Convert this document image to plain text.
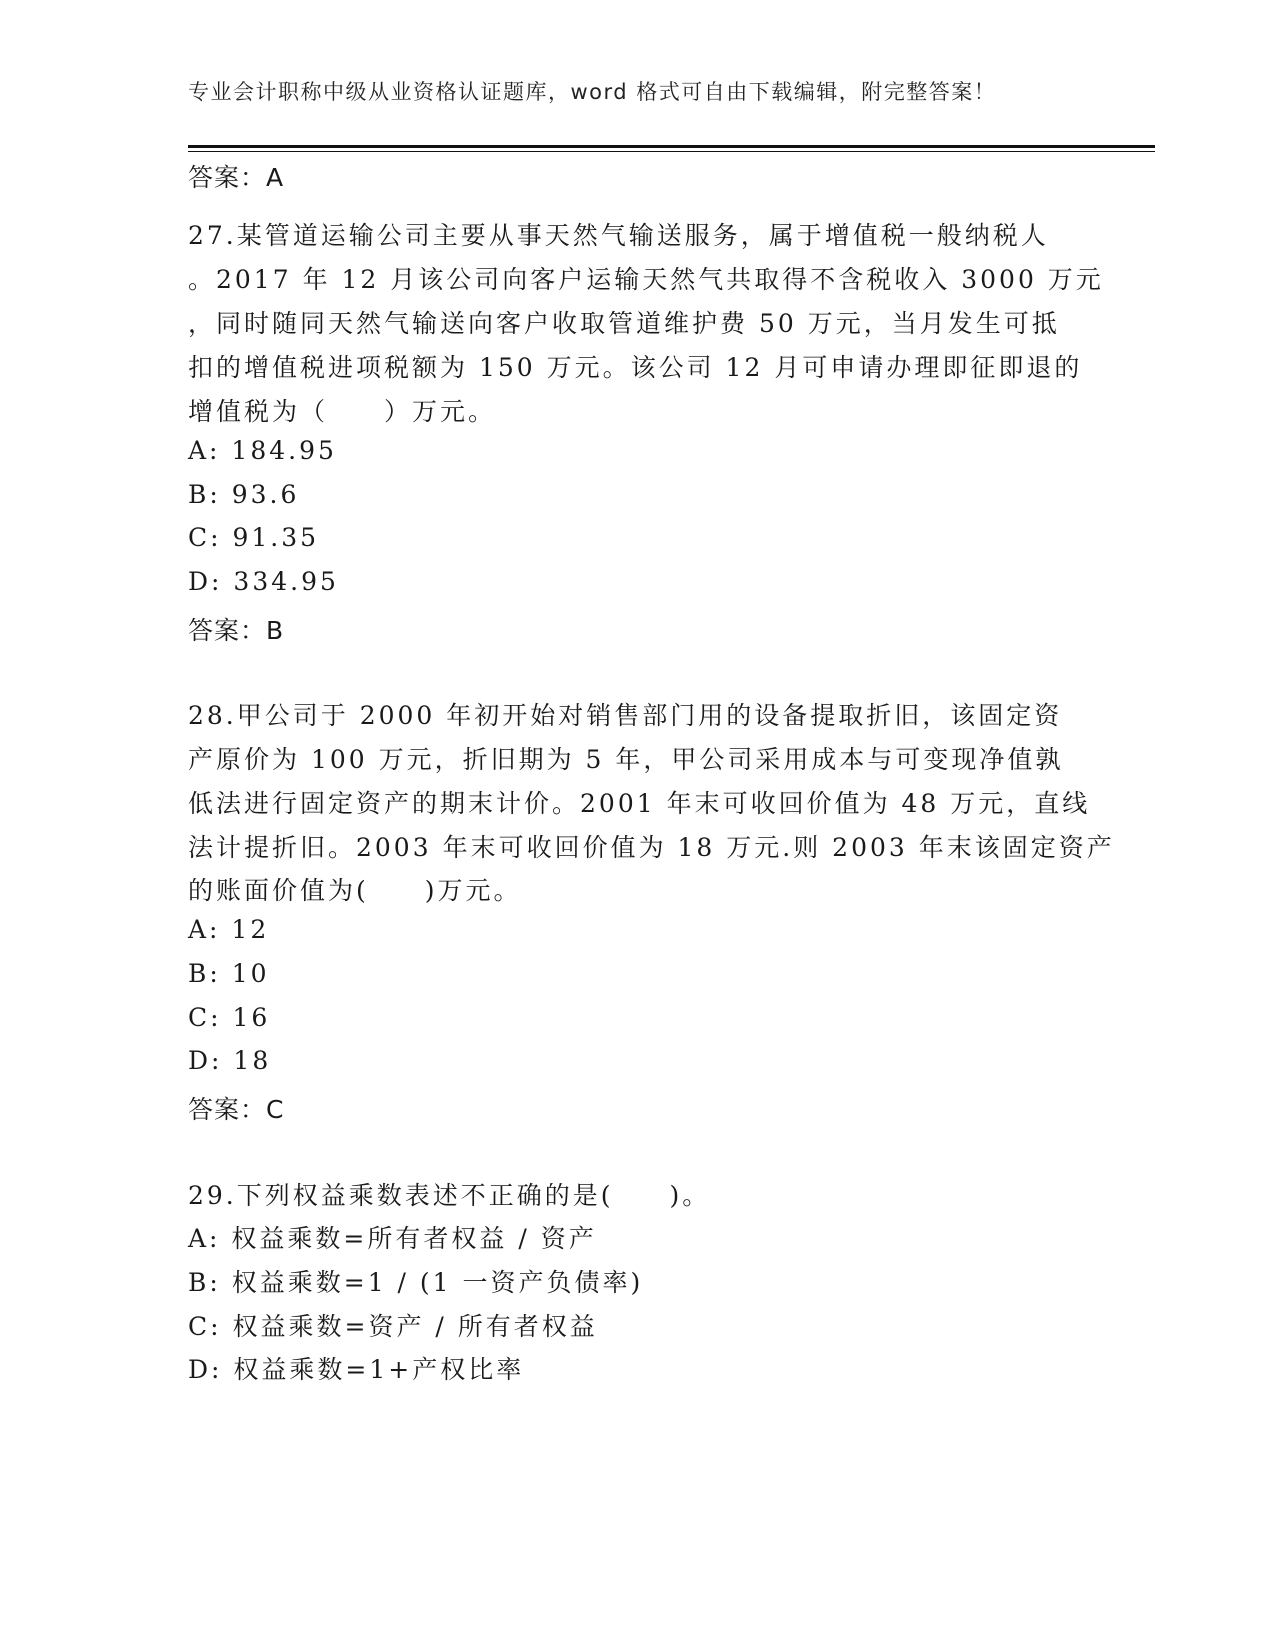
专业会计职称中级从业资格认证题库，word 格式可自由下载编辑，附完整答案！
答案：A
27.某管道运输公司主要从事天然气输送服务，属于增值税一般纳税人
。2017 年 12 月该公司向客户运输天然气共取得不含税收入 3000 万元
，同时随同天然气输送向客户收取管道维护费 50 万元，当月发生可抵
扣的增值税进项税额为 150 万元。该公司 12 月可申请办理即征即退的
增值税为（　　）万元。
A: 184.95
B: 93.6
C: 91.35
D: 334.95
答案：B
28.甲公司于 2000 年初开始对销售部门用的设备提取折旧，该固定资
产原价为 100 万元，折旧期为 5 年，甲公司采用成本与可变现净值孰
低法进行固定资产的期末计价。2001 年末可收回价值为 48 万元，直线
法计提折旧。2003 年末可收回价值为 18 万元.则 2003 年末该固定资产
的账面价值为(　　)万元。
A: 12
B: 10
C: 16
D: 18
答案：C
29.下列权益乘数表述不正确的是(　　)。
A: 权益乘数=所有者权益 / 资产
B: 权益乘数=1 / (1 一资产负债率)
C: 权益乘数=资产 / 所有者权益
D: 权益乘数=1+产权比率
